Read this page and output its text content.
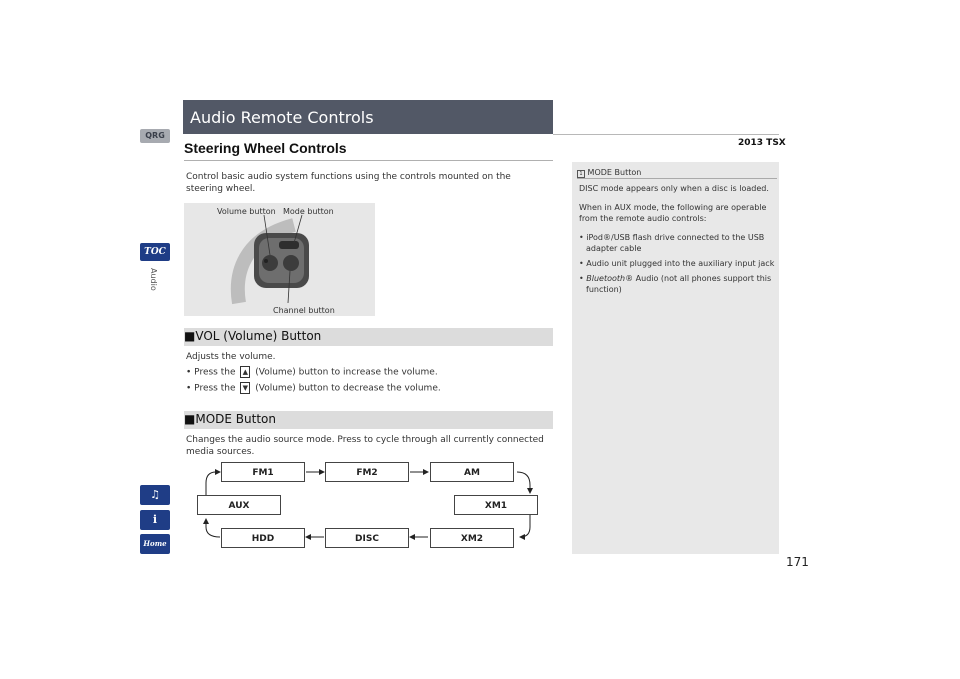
QRG
TOC
Audio
♫
i
Home
Audio Remote Controls
2013 TSX
Steering Wheel Controls
Control basic audio system functions using the controls mounted on the
steering wheel.
Volume button Mode button
Channel button
■VOL (Volume) Button
Adjusts the volume.
• Press the ▲ (Volume) button to increase the volume.
• Press the ▼ (Volume) button to decrease the volume.
■MODE Button
Changes the audio source mode. Press to cycle through all currently connected
media sources.
FM1	FM2	AM
XM1
XM2
DISC
HDD
AUX
1 MODE Button
DISC mode appears only when a disc is loaded.
When in AUX mode, the following are operable
from the remote audio controls:
• iPod®/USB flash drive connected to the USB
adapter cable
• Audio unit plugged into the auxiliary input jack
• Bluetooth® Audio (not all phones support this
function)
171
